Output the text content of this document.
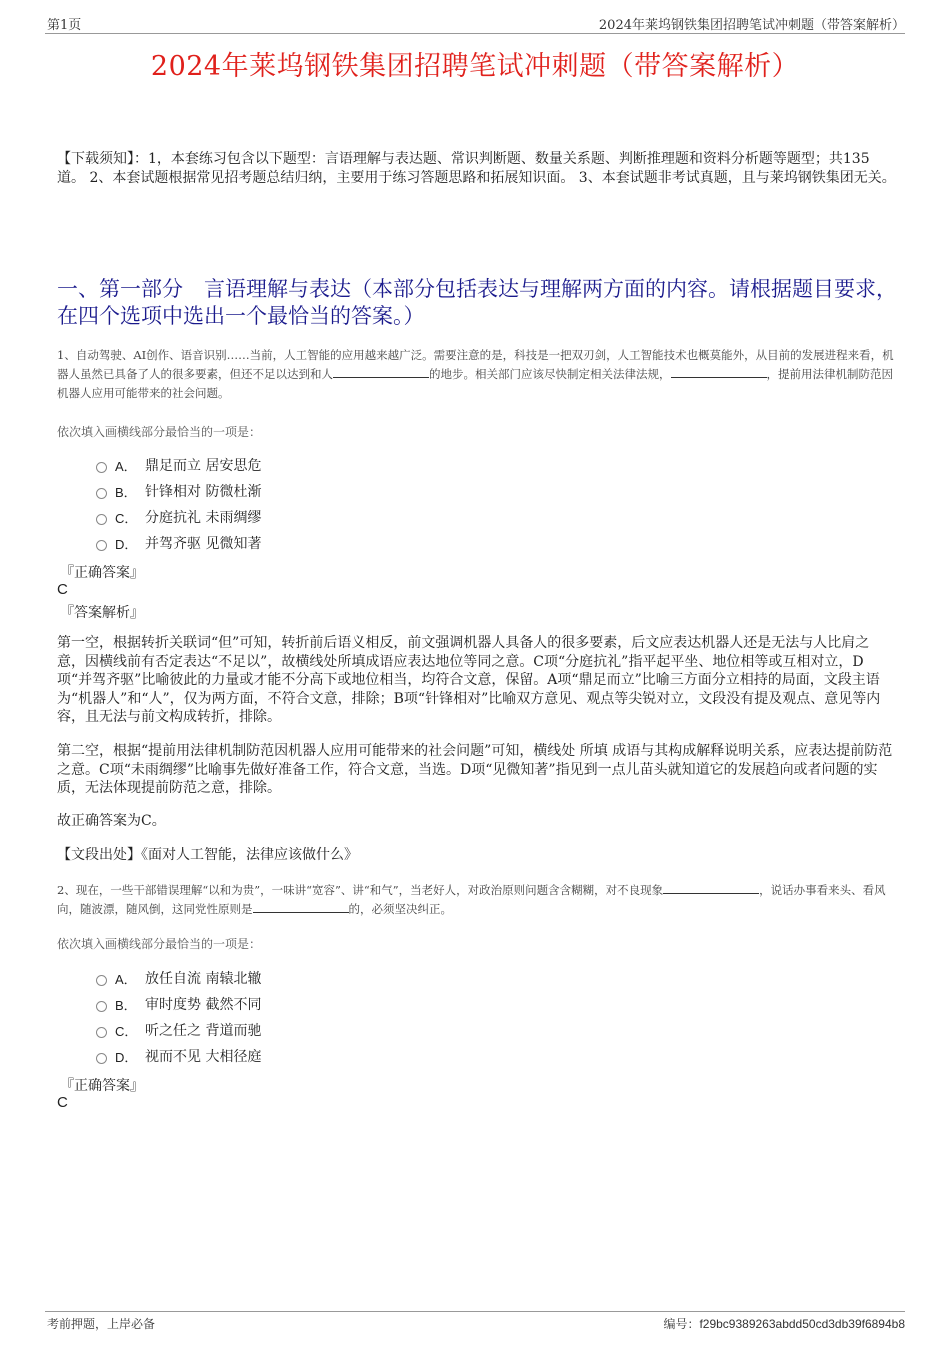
第1页	2024年莱坞钢铁集团招聘笔试冲刺题（带答案解析）
2024年莱坞钢铁集团招聘笔试冲刺题（带答案解析）
【下载须知】：1，本套练习包含以下题型：言语理解与表达题、常识判断题、数量关系题、判断推理题和资料分析题等题型；共135道。 2、本套试题根据常见招考题总结归纳，主要用于练习答题思路和拓展知识面。 3、本套试题非考试真题，且与莱坞钢铁集团无关。
一、第一部分　言语理解与表达（本部分包括表达与理解两方面的内容。请根据题目要求，在四个选项中选出一个最恰当的答案。）
1、自动驾驶、AI创作、语音识别……当前，人工智能的应用越来越广泛。需要注意的是，科技是一把双刃剑，人工智能技术也概莫能外，从目前的发展进程来看，机器人虽然已具备了人的很多要素，但还不足以达到和人	的地步。相关部门应该尽快制定相关法律法规，	，提前用法律机制防范因机器人应用可能带来的社会问题。
依次填入画横线部分最恰当的一项是：
A． 鼎足而立 居安思危
B． 针锋相对 防微杜渐
C． 分庭抗礼 未雨绸缪
D． 并驾齐驱 见微知著
『正确答案』
C
『答案解析』
第一空，根据转折关联词“但”可知，转折前后语义相反，前文强调机器人具备人的很多要素，后文应表达机器人还是无法与人比肩之意，因横线前有否定表达“不足以”，故横线处所填成语应表达地位等同之意。C项“分庭抗礼”指平起平坐、地位相等或互相对立，D项“并驾齐驱”比喻彼此的力量或才能不分高下或地位相当，均符合文意，保留。A项“鼎足而立”比喻三方面分立相持的局面，文段主语为“机器人”和“人”，仅为两方面，不符合文意，排除；B项“针锋相对”比喻双方意见、观点等尖锐对立，文段没有提及观点、意见等内容，且无法与前文构成转折，排除。
第二空，根据“提前用法律机制防范因机器人应用可能带来的社会问题”可知，横线处 所填 成语与其构成解释说明关系，应表达提前防范之意。C项“未雨绸缪”比喻事先做好准备工作，符合文意，当选。D项“见微知著”指见到一点儿苗头就知道它的发展趋向或者问题的实质，无法体现提前防范之意，排除。
故正确答案为C。
【文段出处】《面对人工智能，法律应该做什么》
2、现在，一些干部错误理解“以和为贵”，一味讲“宽容”、讲“和气”，当老好人，对政治原则问题含含糊糊，对不良现象	，说话办事看来头、看风向，随波漂，随风倒，这同党性原则是	的，必须坚决纠正。
依次填入画横线部分最恰当的一项是：
A． 放任自流 南辕北辙
B． 审时度势 截然不同
C． 听之任之 背道而驰
D． 视而不见 大相径庭
『正确答案』
C
考前押题，上岸必备	编号：f29bc9389263abdd50cd3db39f6894b8
